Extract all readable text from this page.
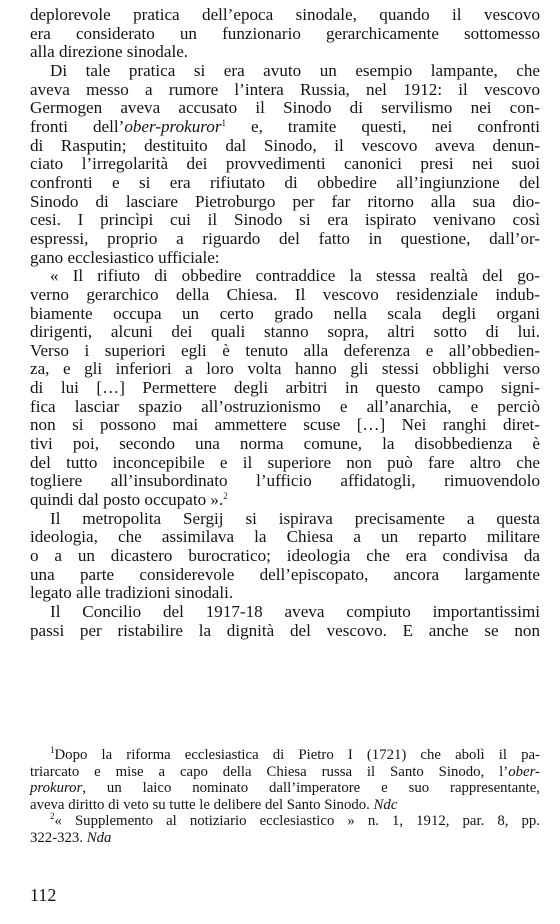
deplorevole pratica dell’epoca sinodale, quando il vescovo
era considerato un funzionario gerarchicamente sottomesso
alla direzione sinodale.
Di tale pratica si era avuto un esempio lampante, che
aveva messo a rumore l’intera Russia, nel 1912: il vescovo
Germogen aveva accusato il Sinodo di servilismo nei con-
fronti dell’ober-prokuror$^1$ e, tramite questi, nei confronti
di Rasputin; destituito dal Sinodo, il vescovo aveva denun-
ciato l’irregolarità dei provvedimenti canonici presi nei suoi
confronti e si era rifiutato di obbedire all’ingiunzione del
Sinodo di lasciare Pietroburgo per far ritorno alla sua dio-
cesi. I princìpi cui il Sinodo si era ispirato venivano così
espressi, proprio a riguardo del fatto in questione, dall’or-
gano ecclesiastico ufficiale:
« Il rifiuto di obbedire contraddice la stessa realtà del go-
verno gerarchico della Chiesa. Il vescovo residenziale indub-
biamente occupa un certo grado nella scala degli organi
dirigenti, alcuni dei quali stanno sopra, altri sotto di lui.
Verso i superiori egli è tenuto alla deferenza e all’obbedien-
za, e gli inferiori a loro volta hanno gli stessi obblighi verso
di lui […] Permettere degli arbitri in questo campo signi-
fica lasciar spazio all’ostruzionismo e all’anarchia, e perciò
non si possono mai ammettere scuse […] Nei ranghi diret-
tivi poi, secondo una norma comune, la disobbedienza è
del tutto inconcepibile e il superiore non può fare altro che
togliere all’insubordinato l’ufficio affidatogli, rimuovendolo
quindi dal posto occupato ».$^2$
Il metropolita Sergij si ispirava precisamente a questa
ideologia, che assimilava la Chiesa a un reparto militare
o a un dicastero burocratico; ideologia che era condivisa da
una parte considerevole dell’episcopato, ancora largamente
legato alle tradizioni sinodali.
Il Concilio del 1917-18 aveva compiuto importantissimi
passi per ristabilire la dignità del vescovo. E anche se non
$^1$Dopo la riforma ecclesiastica di Pietro I (1721) che abolì il pa-
triarcato e mise a capo della Chiesa russa il Santo Sinodo, l’ober-
prokuror, un laico nominato dall’imperatore e suo rappresentante,
aveva diritto di veto su tutte le delibere del Santo Sinodo. Ndc
$^2$« Supplemento al notiziario ecclesiastico » n. 1, 1912, par. 8, pp.
322-323. Nda
112
